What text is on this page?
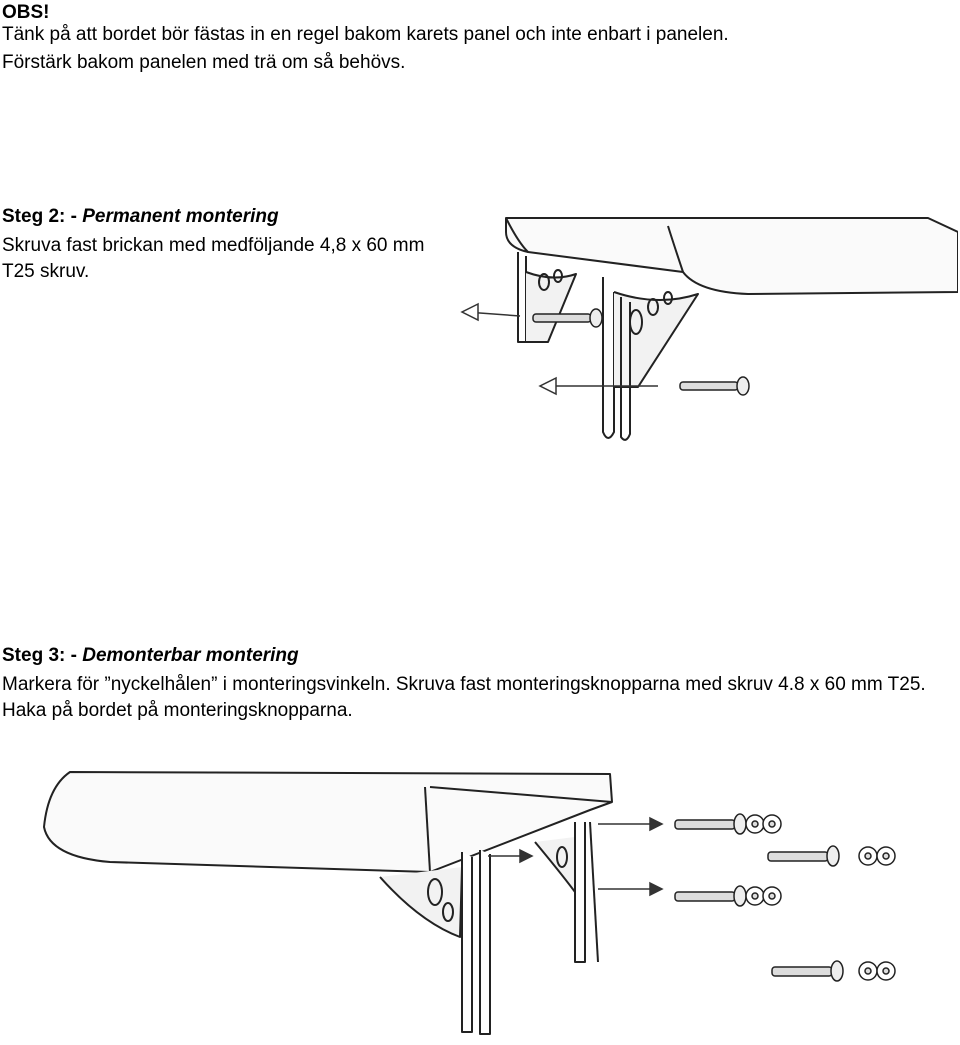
OBS!

Tänk på att bordet bör fästas in en regel bakom karets panel och inte enbart i panelen.

Förstärk bakom panelen med trä om så behövs.

Steg 2: - Permanent montering

Skruva fast brickan med medföljande 4,8 x 60 mm T25 skruv.

Steg 3: - Demonterbar montering

Markera för ”nyckelhålen” i monteringsvinkeln. Skruva fast monteringsknopparna med skruv 4.8 x 60 mm T25. Haka på bordet på monteringsknopparna.
